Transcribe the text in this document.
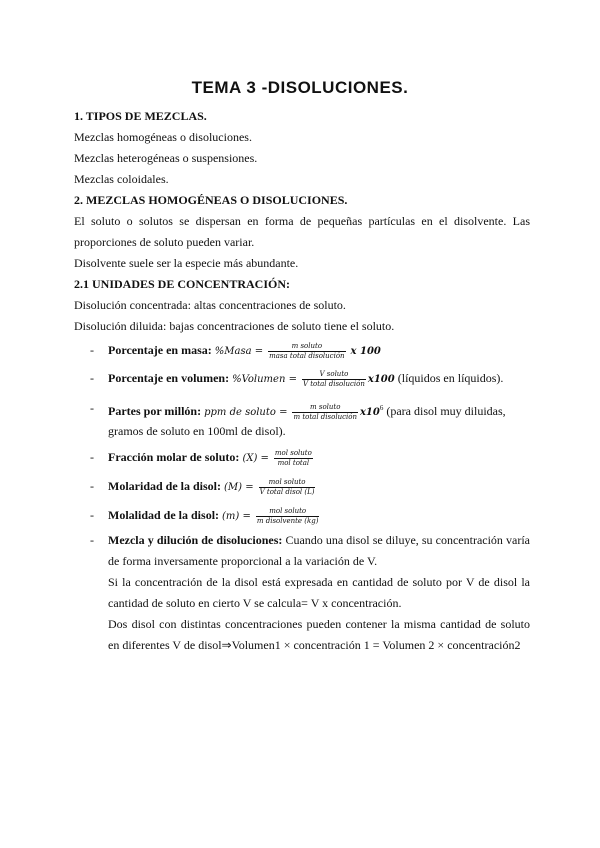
TEMA 3 -DISOLUCIONES.
1. TIPOS DE MEZCLAS.
Mezclas homogéneas o disoluciones.
Mezclas heterogéneas o suspensiones.
Mezclas coloidales.
2. MEZCLAS HOMOGÉNEAS O DISOLUCIONES.
El soluto o solutos se dispersan en forma de pequeñas partículas en el disolvente. Las proporciones de soluto pueden variar.
Disolvente suele ser la especie más abundante.
2.1 UNIDADES DE CONCENTRACIÓN:
Disolución concentrada: altas concentraciones de soluto.
Disolución diluida: bajas concentraciones de soluto tiene el soluto.
- Porcentaje en masa: %Masa = $\frac{\text{m soluto}}{\text{masa total disolución}}$ x 100
- Porcentaje en volumen: %Volumen = $\frac{\text{V soluto}}{\text{V total disolución}} x100$ (líquidos en líquidos).
- Partes por millón: ppm de soluto = $\frac{\text{m soluto}}{\text{m total disolución}} x10^6$ (para disol muy diluidas,
gramos de soluto en 100ml de disol).
- Fracción molar de soluto: $(X) = \frac{\text{mol soluto}}{\text{mol total}}$
- Molaridad de la disol: $(M) = \frac{\text{mol soluto}}{\text{V total disol (L)}}$
- Molalidad de la disol: $(m) = \frac{\text{mol soluto}}{\text{m disolvente (kg)}}$
- Mezcla y dilución de disoluciones: Cuando una disol se diluye, su concentración varía de forma inversamente proporcional a la variación de V.
Si la concentración de la disol está expresada en cantidad de soluto por V de disol la cantidad de soluto en cierto V se calcula= V x concentración.
Dos disol con distintas concentraciones pueden contener la misma cantidad de soluto en diferentes V de disol⇒Volumen1 × concentración 1 = Volumen 2 × concentración2
